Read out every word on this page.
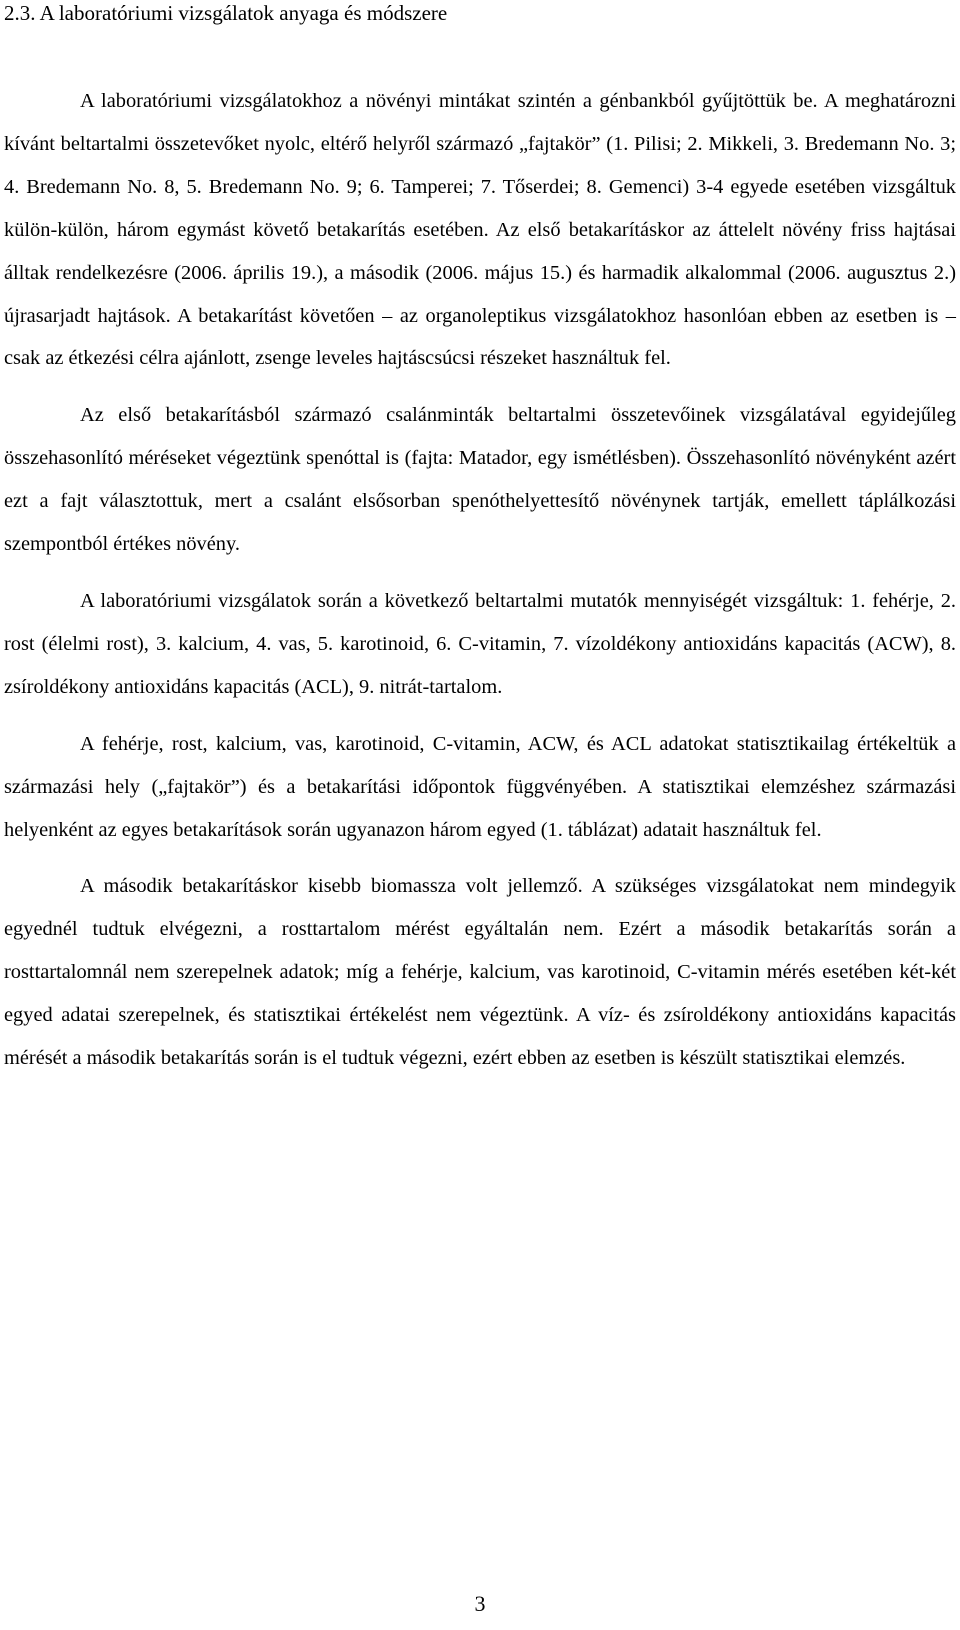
2.3. A laboratóriumi vizsgálatok anyaga és módszere

A laboratóriumi vizsgálatokhoz a növényi mintákat szintén a génbankból gyűjtöttük be. A meghatározni kívánt beltartalmi összetevőket nyolc, eltérő helyről származó „fajtakör” (1. Pilisi; 2. Mikkeli, 3. Bredemann No. 3; 4. Bredemann No. 8, 5. Bredemann No. 9; 6. Tamperei; 7. Tőserdei; 8. Gemenci) 3-4 egyede esetében vizsgáltuk külön-külön, három egymást követő betakarítás esetében. Az első betakarításkor az áttelelt növény friss hajtásai álltak rendelkezésre (2006. április 19.), a második (2006. május 15.) és harmadik alkalommal (2006. augusztus 2.) újrasarjadt hajtások. A betakarítást követően – az organoleptikus vizsgálatokhoz hasonlóan ebben az esetben is – csak az étkezési célra ajánlott, zsenge leveles hajtáscsúcsi részeket használtuk fel.

Az első betakarításból származó csalánminták beltartalmi összetevőinek vizsgálatával egyidejűleg összehasonlító méréseket végeztünk spenóttal is (fajta: Matador, egy ismétlésben). Összehasonlító növényként azért ezt a fajt választottuk, mert a csalánt elsősorban spenóthelyettesítő növénynek tartják, emellett táplálkozási szempontból értékes növény.

A laboratóriumi vizsgálatok során a következő beltartalmi mutatók mennyiségét vizsgáltuk: 1. fehérje, 2. rost (élelmi rost), 3. kalcium, 4. vas, 5. karotinoid, 6. C-vitamin, 7. vízoldékony antioxidáns kapacitás (ACW), 8. zsíroldékony antioxidáns kapacitás (ACL), 9. nitrát-tartalom.

A fehérje, rost, kalcium, vas, karotinoid, C-vitamin, ACW, és ACL adatokat statisztikailag értékeltük a származási hely („fajtakör”) és a betakarítási időpontok függvényében. A statisztikai elemzéshez származási helyenként az egyes betakarítások során ugyanazon három egyed (1. táblázat) adatait használtuk fel.

A második betakarításkor kisebb biomassza volt jellemző. A szükséges vizsgálatokat nem mindegyik egyednél tudtuk elvégezni, a rosttartalom mérést egyáltalán nem. Ezért a második betakarítás során a rosttartalomnál nem szerepelnek adatok; míg a fehérje, kalcium, vas karotinoid, C-vitamin mérés esetében két-két egyed adatai szerepelnek, és statisztikai értékelést nem végeztünk. A víz- és zsíroldékony antioxidáns kapacitás mérését a második betakarítás során is el tudtuk végezni, ezért ebben az esetben is készült statisztikai elemzés.

3
